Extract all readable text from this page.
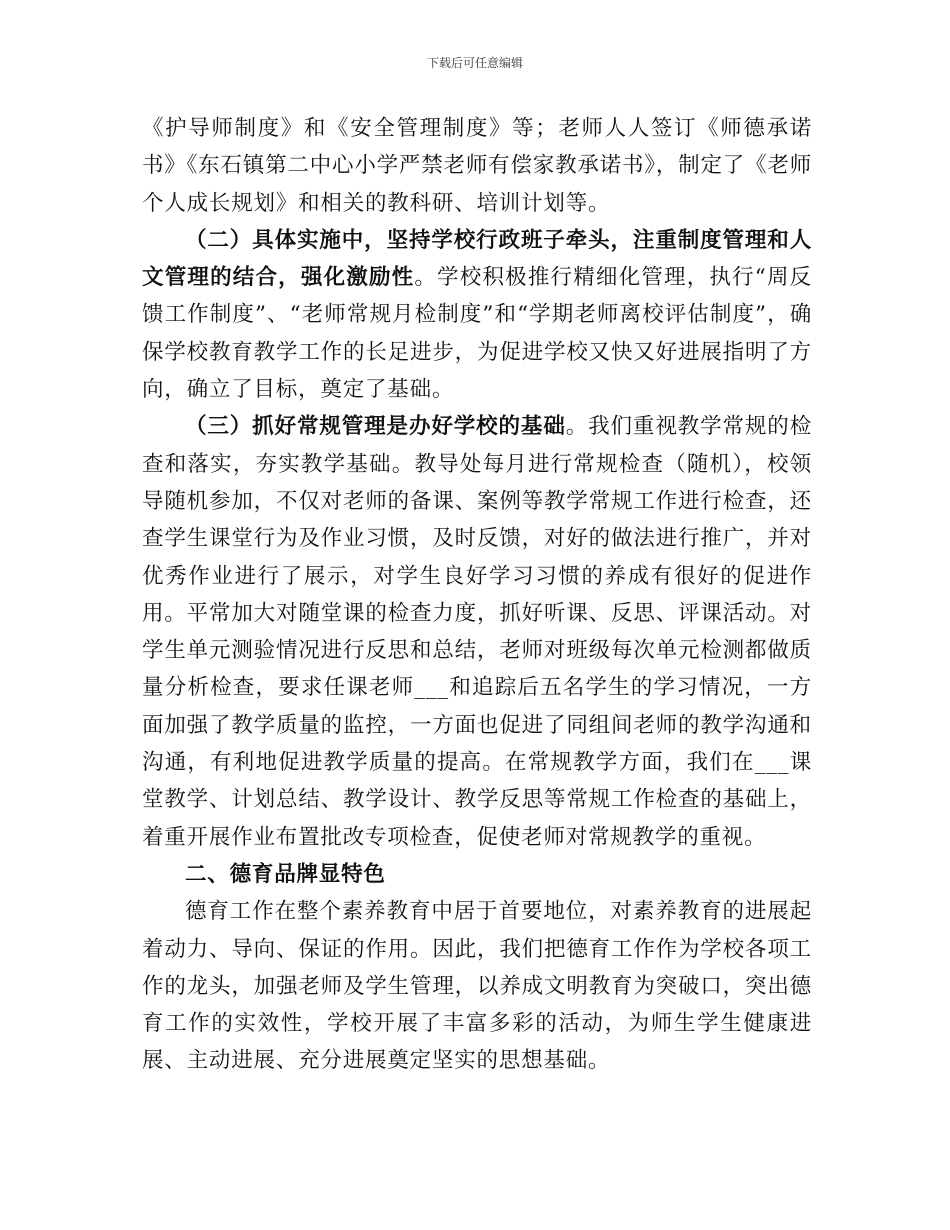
下载后可任意编辑

《护导师制度》和《安全管理制度》等；老师人人签订《师德承诺书》《东石镇第二中心小学严禁老师有偿家教承诺书》，制定了《老师个人成长规划》和相关的教科研、培训计划等。

（二）具体实施中，坚持学校行政班子牵头，注重制度管理和人文管理的结合，强化激励性。学校积极推行精细化管理，执行“周反馈工作制度”、“老师常规月检制度”和“学期老师离校评估制度”，确保学校教育教学工作的长足进步，为促进学校又快又好进展指明了方向，确立了目标，奠定了基础。

（三）抓好常规管理是办好学校的基础。我们重视教学常规的检查和落实，夯实教学基础。教导处每月进行常规检查（随机），校领导随机参加，不仅对老师的备课、案例等教学常规工作进行检查，还查学生课堂行为及作业习惯，及时反馈，对好的做法进行推广，并对优秀作业进行了展示，对学生良好学习习惯的养成有很好的促进作用。平常加大对随堂课的检查力度，抓好听课、反思、评课活动。对学生单元测验情况进行反思和总结，老师对班级每次单元检测都做质量分析检查，要求任课老师___和追踪后五名学生的学习情况，一方面加强了教学质量的监控，一方面也促进了同组间老师的教学沟通和沟通，有利地促进教学质量的提高。在常规教学方面，我们在___课堂教学、计划总结、教学设计、教学反思等常规工作检查的基础上，着重开展作业布置批改专项检查，促使老师对常规教学的重视。

二、德育品牌显特色

德育工作在整个素养教育中居于首要地位，对素养教育的进展起着动力、导向、保证的作用。因此，我们把德育工作作为学校各项工作的龙头，加强老师及学生管理，以养成文明教育为突破口，突出德育工作的实效性，学校开展了丰富多彩的活动，为师生学生健康进展、主动进展、充分进展奠定坚实的思想基础。
